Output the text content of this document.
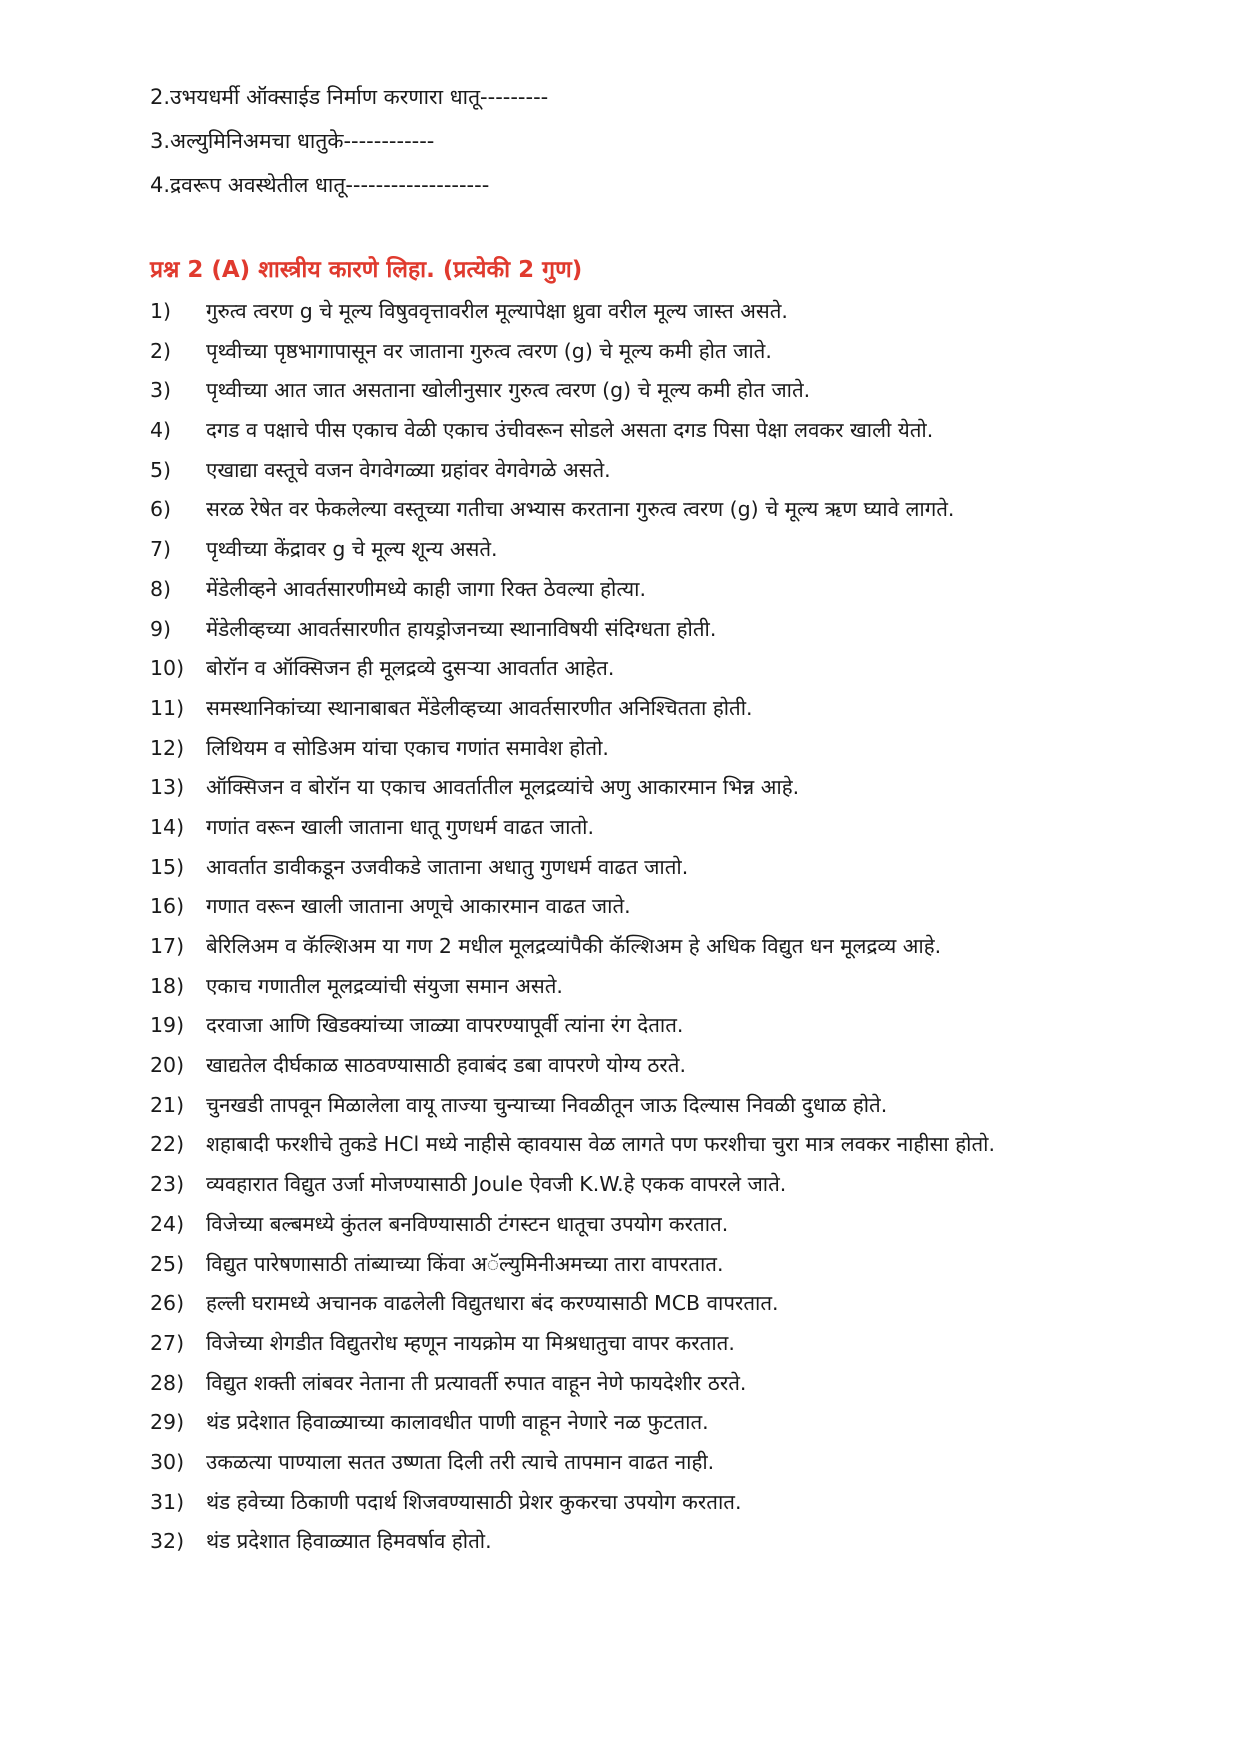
2.उभयधर्मी ऑक्साईड निर्माण करणारा धातू---------
3.अल्युमिनिअमचा धातुके------------
4.द्रवरूप अवस्थेतील धातू-------------------
प्रश्न 2 (A) शास्त्रीय कारणे लिहा. (प्रत्येकी 2 गुण)
1)	गुरुत्व त्वरण g चे मूल्य विषुववृत्तावरील मूल्यापेक्षा ध्रुवा वरील मूल्य जास्त असते.
2)	पृथ्वीच्या पृष्ठभागापासून वर जाताना गुरुत्व त्वरण (g) चे मूल्य कमी होत जाते.
3)	पृथ्वीच्या आत जात असताना खोलीनुसार गुरुत्व त्वरण (g) चे मूल्य कमी होत जाते.
4)	दगड व पक्षाचे पीस एकाच वेळी एकाच उंचीवरून सोडले असता दगड पिसा पेक्षा लवकर खाली येतो.
5)	एखाद्या वस्तूचे वजन वेगवेगळ्या ग्रहांवर वेगवेगळे असते.
6)	सरळ रेषेत वर फेकलेल्या वस्तूच्या गतीचा अभ्यास करताना गुरुत्व त्वरण (g) चे मूल्य ऋण घ्यावे लागते.
7)	पृथ्वीच्या केंद्रावर g चे मूल्य शून्य असते.
8)	मेंडेलीव्हने आवर्तसारणीमध्ये काही जागा रिक्त ठेवल्या होत्या.
9)	मेंडेलीव्हच्या आवर्तसारणीत हायड्रोजनच्या स्थानाविषयी संदिग्धता होती.
10)	बोरॉन व ऑक्सिजन ही मूलद्रव्ये दुसऱ्या आवर्तात आहेत.
11)	समस्थानिकांच्या स्थानाबाबत मेंडेलीव्हच्या आवर्तसारणीत अनिश्चितता होती.
12)	लिथियम व सोडिअम यांचा एकाच गणांत समावेश होतो.
13)	ऑक्सिजन व बोरॉन या एकाच आवर्तातील मूलद्रव्यांचे अणु आकारमान भिन्न आहे.
14)	गणांत वरून खाली जाताना धातू गुणधर्म वाढत जातो.
15)	आवर्तात डावीकडून उजवीकडे जाताना अधातु गुणधर्म वाढत जातो.
16)	गणात वरून खाली जाताना अणूचे आकारमान वाढत जाते.
17)	बेरिलिअम व कॅल्शिअम या गण 2 मधील मूलद्रव्यांपैकी कॅल्शिअम हे अधिक विद्युत धन मूलद्रव्य आहे.
18)	एकाच गणातील मूलद्रव्यांची संयुजा समान असते.
19)	दरवाजा आणि खिडक्यांच्या जाळ्या वापरण्यापूर्वी त्यांना रंग देतात.
20)	खाद्यतेल दीर्घकाळ साठवण्यासाठी हवाबंद डबा वापरणे योग्य ठरते.
21)	चुनखडी तापवून मिळालेला वायू ताज्या चुन्याच्या निवळीतून जाऊ दिल्यास निवळी दुधाळ होते.
22)	शहाबादी फरशीचे तुकडे HCl मध्ये नाहीसे व्हावयास वेळ लागते पण फरशीचा चुरा मात्र लवकर नाहीसा होतो.
23)	व्यवहारात विद्युत उर्जा मोजण्यासाठी Joule ऐवजी K.W.हे एकक वापरले जाते.
24)	विजेच्या बल्बमध्ये कुंतल बनविण्यासाठी टंगस्टन धातूचा उपयोग करतात.
25)	विद्युत पारेषणासाठी तांब्याच्या किंवा अॅल्युमिनीअमच्या तारा वापरतात.
26)	हल्ली घरामध्ये अचानक वाढलेली विद्युतधारा बंद करण्यासाठी MCB वापरतात.
27)	विजेच्या शेगडीत विद्युतरोध म्हणून नायक्रोम या मिश्रधातुचा वापर करतात.
28)	विद्युत शक्ती लांबवर नेताना ती प्रत्यावर्ती रुपात वाहून नेणे फायदेशीर ठरते.
29)	थंड प्रदेशात हिवाळ्याच्या कालावधीत पाणी वाहून नेणारे नळ फुटतात.
30)	उकळत्या पाण्याला सतत उष्णता दिली तरी त्याचे तापमान वाढत नाही.
31)	थंड हवेच्या ठिकाणी पदार्थ शिजवण्यासाठी प्रेशर कुकरचा उपयोग करतात.
32)	थंड प्रदेशात हिवाळ्यात हिमवर्षाव होतो.
